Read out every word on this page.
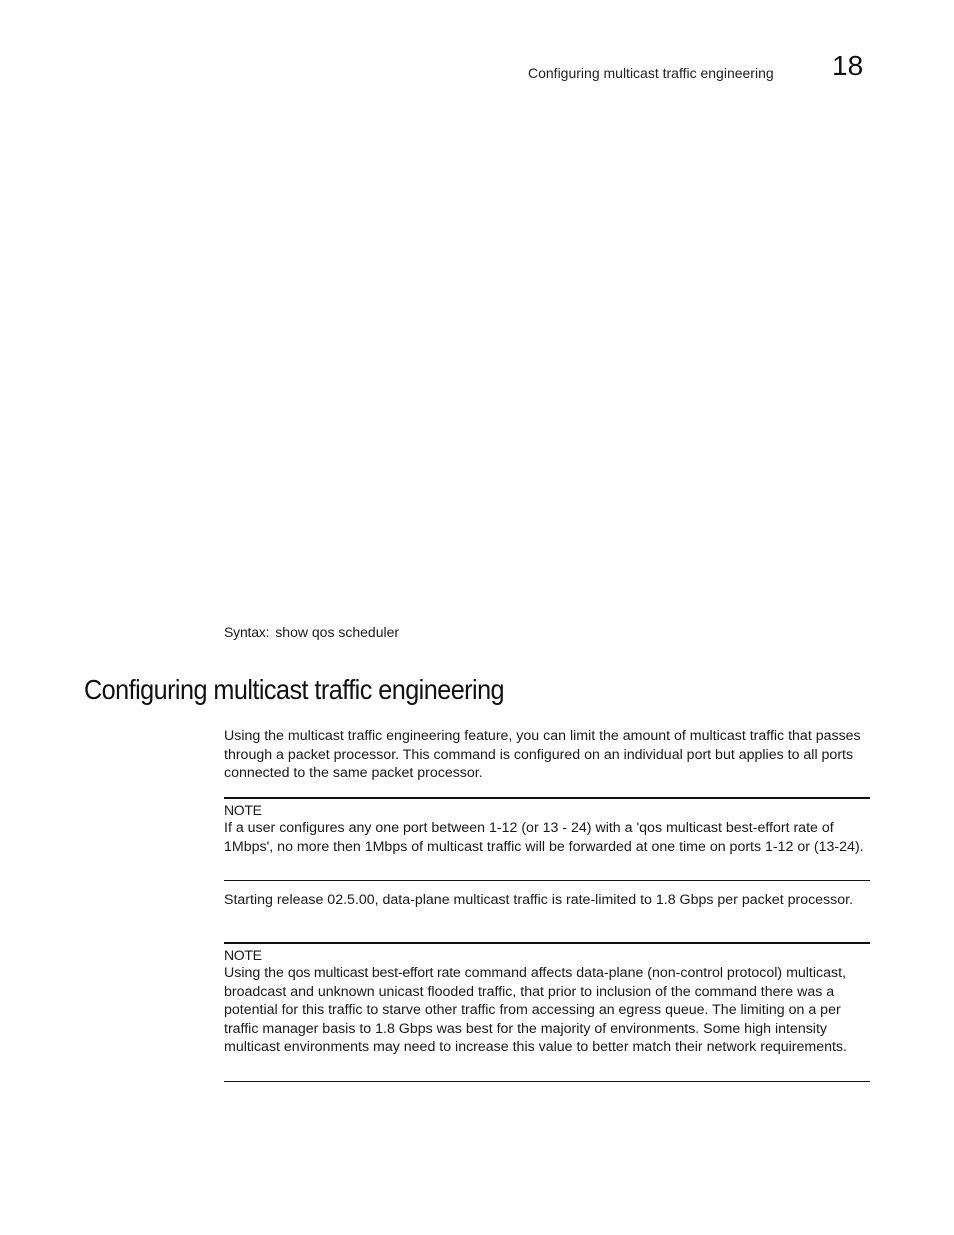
Configuring multicast traffic engineering 18
Syntax: show qos scheduler
Configuring multicast traffic engineering

Using the multicast traffic engineering feature, you can limit the amount of multicast traffic that passes through a packet processor. This command is configured on an individual port but applies to all ports connected to the same packet processor.

NOTE

If a user configures any one port between 1-12 (or 13 - 24) with a 'qos multicast best-effort rate of 1Mbps', no more then 1Mbps of multicast traffic will be forwarded at one time on ports 1-12 or (13-24).

Starting release 02.5.00, data-plane multicast traffic is rate-limited to 1.8 Gbps per packet processor.

NOTE

Using the qos multicast best-effort rate command affects data-plane (non-control protocol) multicast, broadcast and unknown unicast flooded traffic, that prior to inclusion of the command there was a potential for this traffic to starve other traffic from accessing an egress queue. The limiting on a per traffic manager basis to 1.8 Gbps was best for the majority of environments. Some high intensity multicast environments may need to increase this value to better match their network requirements.
